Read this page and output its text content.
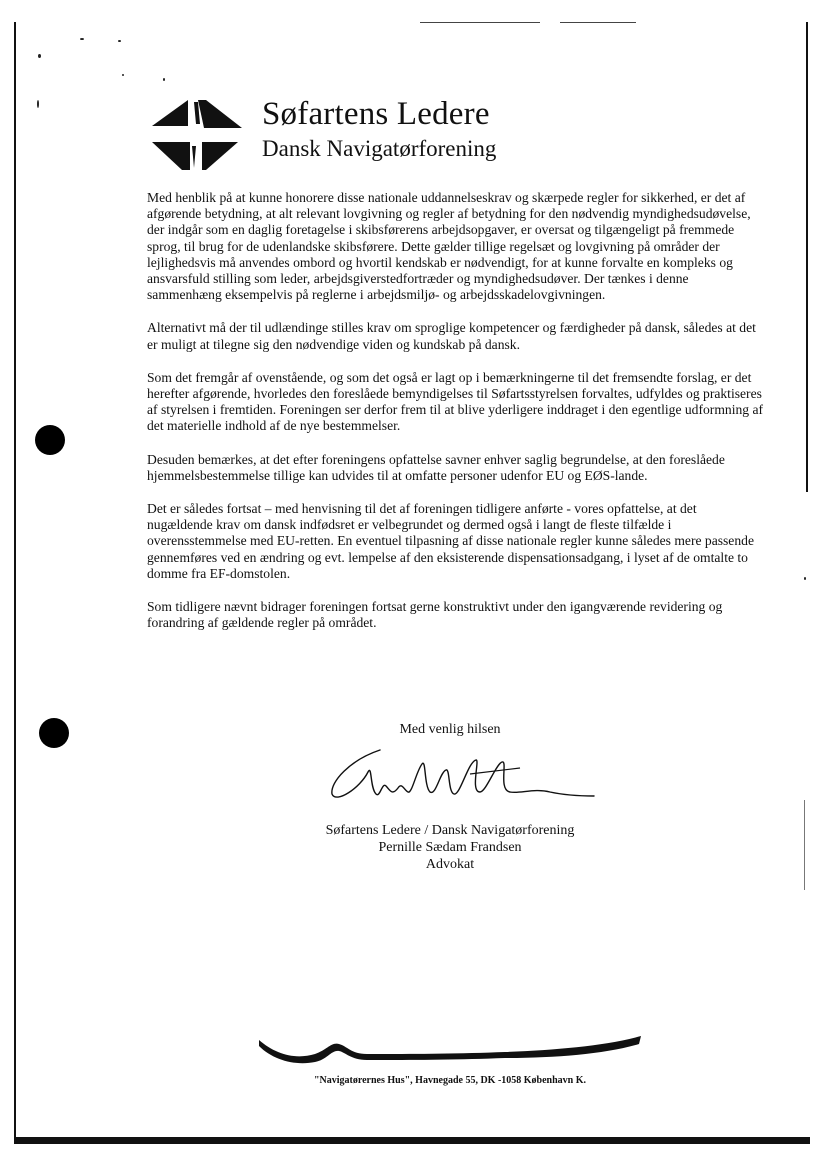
Søfartens Ledere
Dansk Navigatørforening

Med henblik på at kunne honorere disse nationale uddannelseskrav og skærpede regler for sikkerhed, er det af afgørende betydning, at alt relevant lovgivning og regler af betydning for den nødvendig myndighedsudøvelse, der indgår som en daglig foretagelse i skibsførerens arbejdsopgaver, er oversat og tilgængeligt på fremmede sprog, til brug for de udenlandske skibsførere. Dette gælder tillige regelsæt og lovgivning på områder der lejlighedsvis må anvendes ombord og hvortil kendskab er nødvendigt, for at kunne forvalte en kompleks og ansvarsfuld stilling som leder, arbejdsgiverstedfortræder og myndighedsudøver. Der tænkes i denne sammenhæng eksempelvis på reglerne i arbejdsmiljø- og arbejdsskadelovgivningen.

Alternativt må der til udlændinge stilles krav om sproglige kompetencer og færdigheder på dansk, således at det er muligt at tilegne sig den nødvendige viden og kundskab på dansk.

Som det fremgår af ovenstående, og som det også er lagt op i bemærkningerne til det fremsendte forslag, er det herefter afgørende, hvorledes den foreslåede bemyndigelses til Søfartsstyrelsen forvaltes, udfyldes og praktiseres af styrelsen i fremtiden. Foreningen ser derfor frem til at blive yderligere inddraget i den egentlige udformning af det materielle indhold af de nye bestemmelser.

Desuden bemærkes, at det efter foreningens opfattelse savner enhver saglig begrundelse, at den foreslåede hjemmelsbestemmelse tillige kan udvides til at omfatte personer udenfor EU og EØS-lande.

Det er således fortsat – med henvisning til det af foreningen tidligere anførte - vores opfattelse, at det nugældende krav om dansk indfødsret er velbegrundet og dermed også i langt de fleste tilfælde i overensstemmelse med EU-retten. En eventuel tilpasning af disse nationale regler kunne således mere passende gennemføres ved en ændring og evt. lempelse af den eksisterende dispensationsadgang, i lyset af de omtalte to domme fra EF-domstolen.

Som tidligere nævnt bidrager foreningen fortsat gerne konstruktivt under den igangværende revidering og forandring af gældende regler på området.

Med venlig hilsen
Søfartens Ledere / Dansk Navigatørforening
Pernille Sædam Frandsen
Advokat
"Navigatørernes Hus", Havnegade 55, DK -1058 København K.
